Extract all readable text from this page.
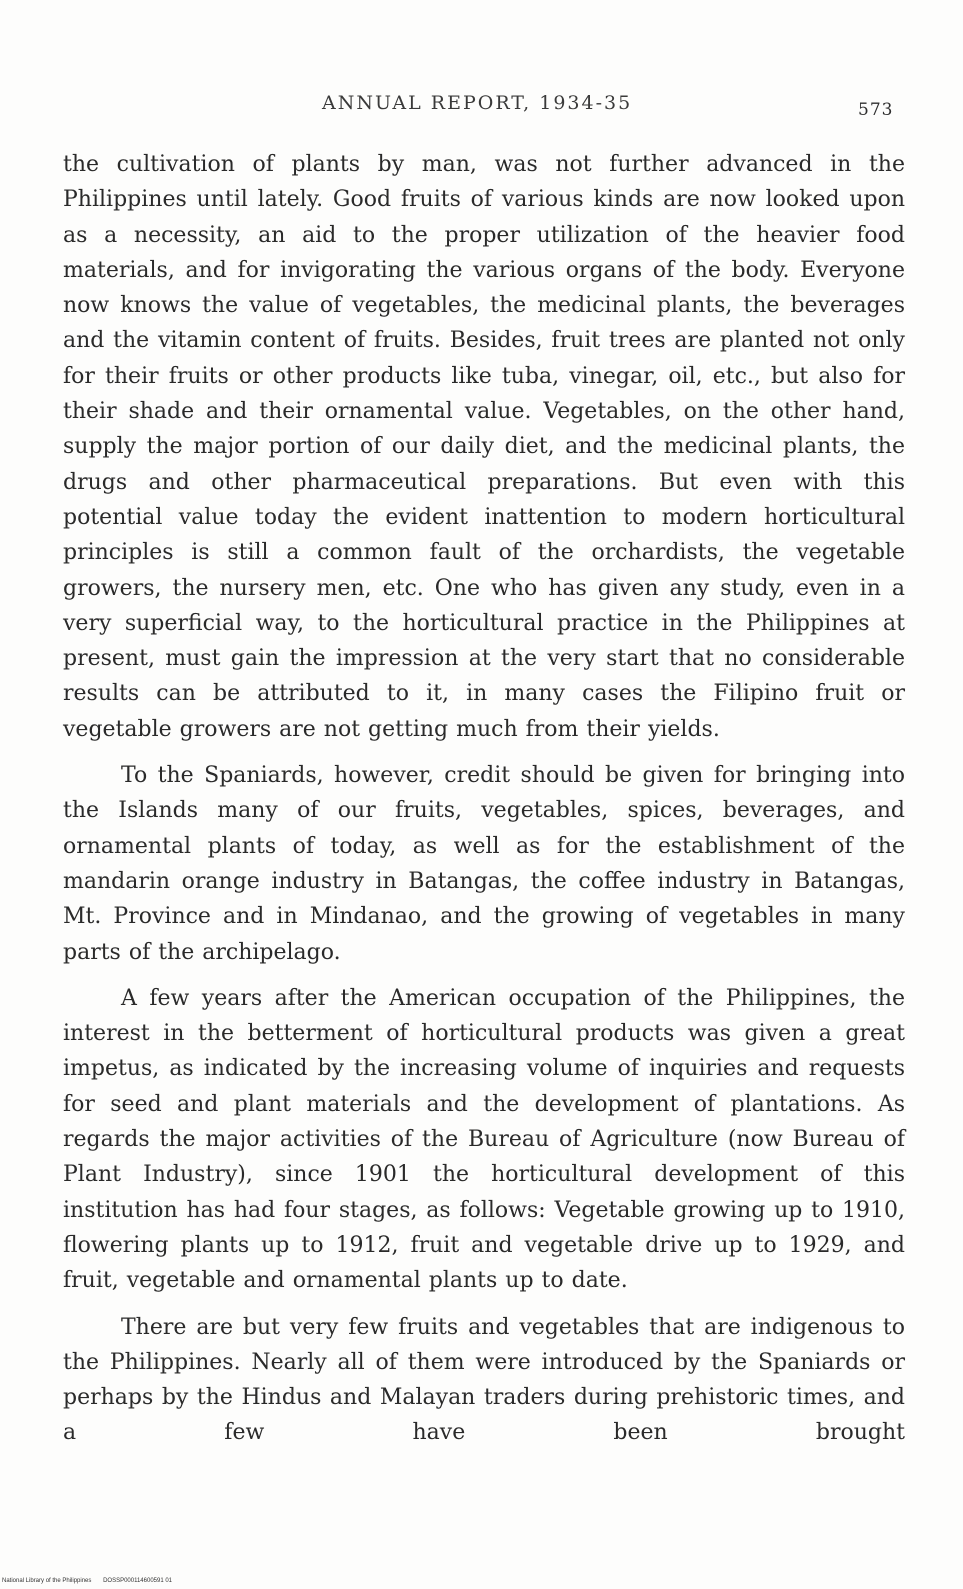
ANNUAL REPORT, 1934-35	573

the cultivation of plants by man, was not further advanced in the Philippines until lately. Good fruits of various kinds are now looked upon as a necessity, an aid to the proper utilization of the heavier food materials, and for invigorating the various organs of the body. Everyone now knows the value of vegetables, the medicinal plants, the beverages and the vitamin content of fruits. Besides, fruit trees are planted not only for their fruits or other products like tuba, vinegar, oil, etc., but also for their shade and their ornamental value. Vegetables, on the other hand, supply the major portion of our daily diet, and the medicinal plants, the drugs and other pharmaceutical preparations. But even with this potential value today the evident inattention to modern horticultural principles is still a common fault of the orchardists, the vegetable growers, the nursery men, etc. One who has given any study, even in a very superficial way, to the horticultural practice in the Philippines at present, must gain the impression at the very start that no considerable results can be attributed to it, in many cases the Filipino fruit or vegetable growers are not getting much from their yields.

To the Spaniards, however, credit should be given for bringing into the Islands many of our fruits, vegetables, spices, beverages, and ornamental plants of today, as well as for the establishment of the mandarin orange industry in Batangas, the coffee industry in Batangas, Mt. Province and in Mindanao, and the growing of vegetables in many parts of the archipelago.

A few years after the American occupation of the Philippines, the interest in the betterment of horticultural products was given a great impetus, as indicated by the increasing volume of inquiries and requests for seed and plant materials and the development of plantations. As regards the major activities of the Bureau of Agriculture (now Bureau of Plant Industry), since 1901 the horticultural development of this institution has had four stages, as follows: Vegetable growing up to 1910, flowering plants up to 1912, fruit and vegetable drive up to 1929, and fruit, vegetable and ornamental plants up to date.

There are but very few fruits and vegetables that are indigenous to the Philippines. Nearly all of them were introduced by the Spaniards or perhaps by the Hindus and Malayan traders during prehistoric times, and a few have been brought

National Library of the Philippines DOSSP000114600591 01
